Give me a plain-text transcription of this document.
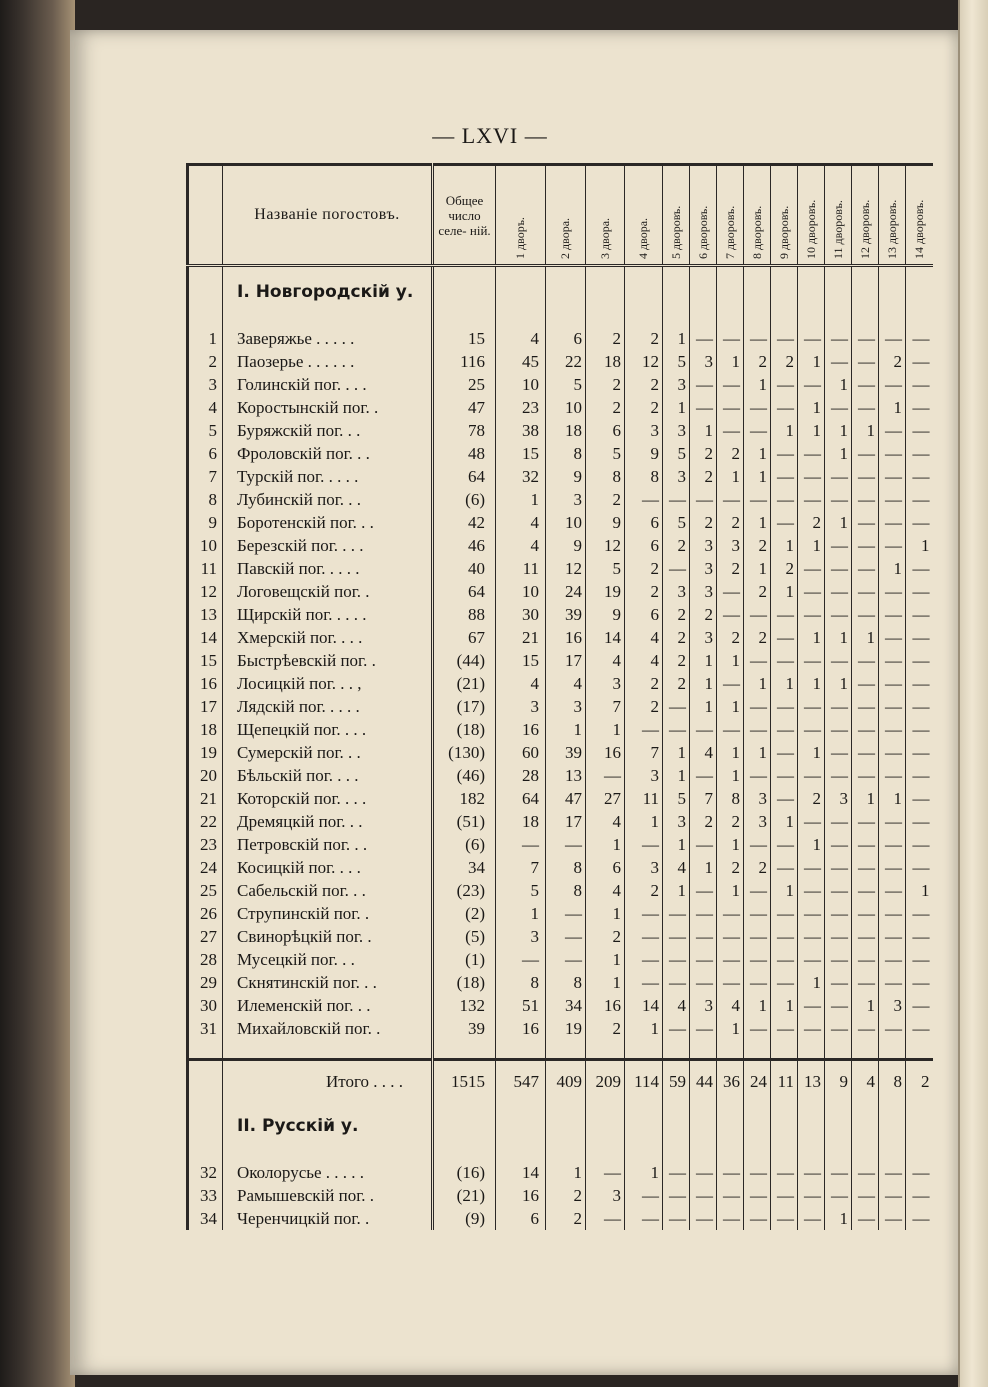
— LXVI —
	Названіе погостовъ.	Общее число селе- ній.	1 дворъ.	2 двора.	3 двора.	4 двора.	5 дворовъ.	6 дворовъ.	7 дворовъ.	8 дворовъ.	9 дворовъ.	10 дворовъ.	11 дворовъ.	12 дворовъ.	13 дворовъ.	14 дворовъ.

	I. Новгородскій у.															
1	Заверяжье . . . . .	15	4	6	2	2	1	—	—	—	—	—	—	—	—	—
2	Паозерье . . . . . .	116	45	22	18	12	5	3	1	2	2	1	—	—	2	—
3	Голинскій пог. . . .	25	10	5	2	2	3	—	—	1	—	—	1	—	—	—
4	Коростынскій пог. .	47	23	10	2	2	1	—	—	—	—	1	—	—	1	—
5	Буряжскій пог. . .	78	38	18	6	3	3	1	—	—	1	1	1	1	—	—
6	Фроловскій пог. . .	48	15	8	5	9	5	2	2	1	—	—	1	—	—	—
7	Турскій пог. . . . .	64	32	9	8	8	3	2	1	1	—	—	—	—	—	—
8	Лубинскій пог. . .	(6)	1	3	2	—	—	—	—	—	—	—	—	—	—	—
9	Боротенскій пог. . .	42	4	10	9	6	5	2	2	1	—	2	1	—	—	—
10	Березскій пог. . . .	46	4	9	12	6	2	3	3	2	1	1	—	—	—	1
11	Павскій пог. . . . .	40	11	12	5	2	—	3	2	1	2	—	—	—	1	—
12	Логовещскій пог. .	64	10	24	19	2	3	3	—	2	1	—	—	—	—	—
13	Щирскій пог. . . . .	88	30	39	9	6	2	2	—	—	—	—	—	—	—	—
14	Хмерскій пог. . . .	67	21	16	14	4	2	3	2	2	—	1	1	1	—	—
15	Быстрѣевскій пог. .	(44)	15	17	4	4	2	1	1	—	—	—	—	—	—	—
16	Лосицкій пог. . . ,	(21)	4	4	3	2	2	1	—	1	1	1	1	—	—	—
17	Лядскій пог. . . . .	(17)	3	3	7	2	—	1	1	—	—	—	—	—	—	—
18	Щепецкій пог. . . .	(18)	16	1	1	—	—	—	—	—	—	—	—	—	—	—
19	Сумерскій пог. . .	(130)	60	39	16	7	1	4	1	1	—	1	—	—	—	—
20	Бѣльскій пог. . . .	(46)	28	13	—	3	1	—	1	—	—	—	—	—	—	—
21	Которскій пог. . . .	182	64	47	27	11	5	7	8	3	—	2	3	1	1	—
22	Дремяцкій пог. . .	(51)	18	17	4	1	3	2	2	3	1	—	—	—	—	—
23	Петровскій пог. . .	(6)	—	—	1	—	1	—	1	—	—	1	—	—	—	—
24	Косицкій пог. . . .	34	7	8	6	3	4	1	2	2	—	—	—	—	—	—
25	Сабельскій пог. . .	(23)	5	8	4	2	1	—	1	—	1	—	—	—	—	1
26	Струпинскій пог. .	(2)	1	—	1	—	—	—	—	—	—	—	—	—	—	—
27	Свинорѣцкій пог. .	(5)	3	—	2	—	—	—	—	—	—	—	—	—	—	—
28	Мусецкій пог. . .	(1)	—	—	1	—	—	—	—	—	—	—	—	—	—	—
29	Скнятинскій пог. . .	(18)	8	8	1	—	—	—	—	—	—	1	—	—	—	—
30	Илеменскій пог. . .	132	51	34	16	14	4	3	4	1	1	—	—	1	3	—
31	Михайловскій пог. .	39	16	19	2	1	—	—	1	—	—	—	—	—	—	—

	Итого . . . .	1515	547	409	209	114	59	44	36	24	11	13	9	4	8	2
	II. Русскій у.															
32	Околорусье . . . . .	(16)	14	1	—	1	—	—	—	—	—	—	—	—	—	—
33	Рамышевскій пог. .	(21)	16	2	3	—	—	—	—	—	—	—	—	—	—	—
34	Черенчицкій пог. .	(9)	6	2	—	—	—	—	—	—	—	—	1	—	—	—
